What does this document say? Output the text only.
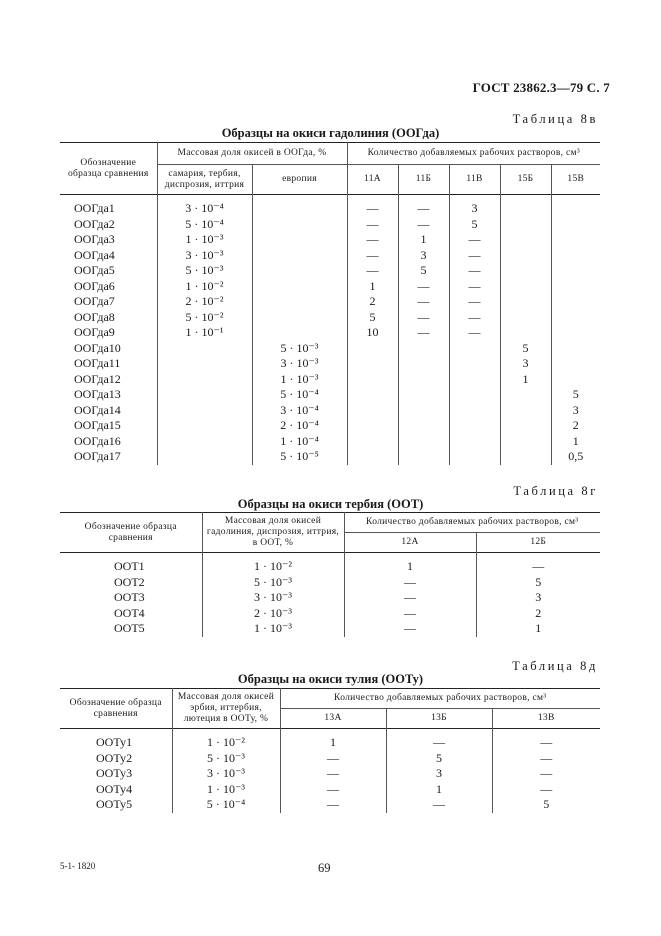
ГОСТ 23862.3—79 С. 7
Таблица 8в
Образцы на окиси гадолиния (ООГда)
Обозначение образца сравнения	Массовая доля окисей в ООГда, %		Количество добавляемых рабочих растворов, см³				
	самария, тербия, диспрозия, иттрия	европия	11А	11Б	11В	15Б	15В

ООГда1	3 · 10⁻⁴		—	—	3		
ООГда2	5 · 10⁻⁴		—	—	5		
ООГда3	1 · 10⁻³		—	1	—		
ООГда4	3 · 10⁻³		—	3	—		
ООГда5	5 · 10⁻³		—	5	—		
ООГда6	1 · 10⁻²		1	—	—		
ООГда7	2 · 10⁻²		2	—	—		
ООГда8	5 · 10⁻²		5	—	—		
ООГда9	1 · 10⁻¹		10	—	—		
ООГда10		5 · 10⁻³				5	
ООГда11		3 · 10⁻³				3	
ООГда12		1 · 10⁻³				1	
ООГда13		5 · 10⁻⁴					5
ООГда14		3 · 10⁻⁴					3
ООГда15		2 · 10⁻⁴					2
ООГда16		1 · 10⁻⁴					1
ООГда17		5 · 10⁻⁵					0,5
Таблица 8г
Образцы на окиси тербия (ООТ)
Обозначение образца сравнения	Массовая доля окисей гадолиния, диспрозия, иттрия, в ООТ, %	Количество добавляемых рабочих растворов, см³	
		12А	12Б

ООТ1	1 · 10⁻²	1	—
ООТ2	5 · 10⁻³	—	5
ООТ3	3 · 10⁻³	—	3
ООТ4	2 · 10⁻³	—	2
ООТ5	1 · 10⁻³	—	1
Таблица 8д
Образцы на окиси тулия (ООТу)
Обозначение образца сравнения	Массовая доля окисей эрбия, иттербия, лютеция в ООТу, %	Количество добавляемых рабочих растворов, см³		
		13А	13Б	13В

ООТу1	1 · 10⁻²	1	—	—
ООТу2	5 · 10⁻³	—	5	—
ООТу3	3 · 10⁻³	—	3	—
ООТу4	1 · 10⁻³	—	1	—
ООТу5	5 · 10⁻⁴	—	—	5
5-1- 1820	69
